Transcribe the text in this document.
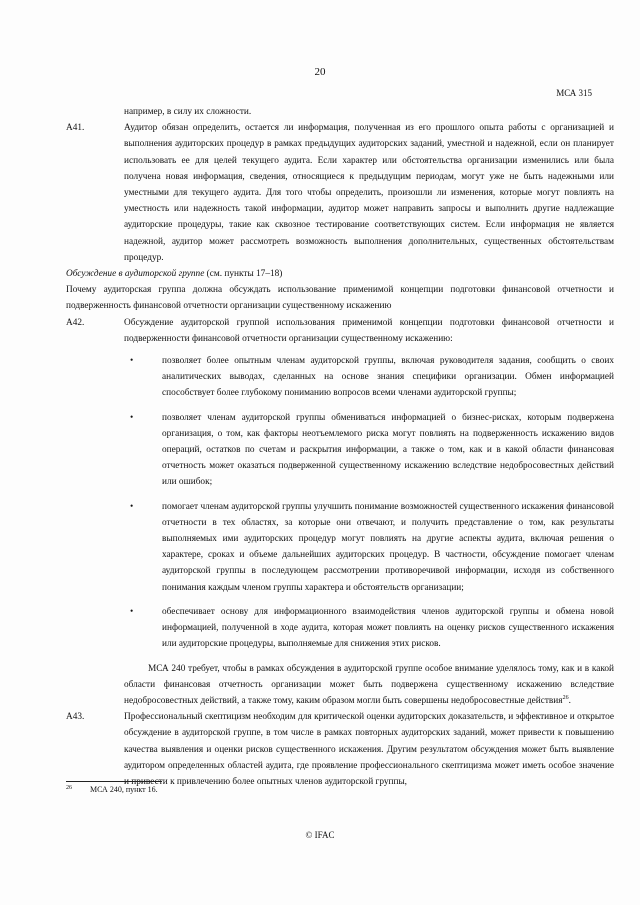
20
МСА 315

например, в силу их сложности.

A41.	Аудитор обязан определить, остается ли информация, полученная из его прошлого опыта работы с организацией и выполнения аудиторских процедур в рамках предыдущих аудиторских заданий, уместной и надежной, если он планирует использовать ее для целей текущего аудита. Если характер или обстоятельства организации изменились или была получена новая информация, сведения, относящиеся к предыдущим периодам, могут уже не быть надежными или уместными для текущего аудита. Для того чтобы определить, произошли ли изменения, которые могут повлиять на уместность или надежность такой информации, аудитор может направить запросы и выполнить другие надлежащие аудиторские процедуры, такие как сквозное тестирование соответствующих систем. Если информация не является надежной, аудитор может рассмотреть возможность выполнения дополнительных, существенных обстоятельствам процедур.

Обсуждение в аудиторской группе (см. пункты 17–18)

Почему аудиторская группа должна обсуждать использование применимой концепции подготовки финансовой отчетности и подверженность финансовой отчетности организации существенному искажению

A42.	Обсуждение аудиторской группой использования применимой концепции подготовки финансовой отчетности и подверженности финансовой отчетности организации существенному искажению:

•	позволяет более опытным членам аудиторской группы, включая руководителя задания, сообщить о своих аналитических выводах, сделанных на основе знания специфики организации. Обмен информацией способствует более глубокому пониманию вопросов всеми членами аудиторской группы;
•	позволяет членам аудиторской группы обмениваться информацией о бизнес-рисках, которым подвержена организация, о том, как факторы неотъемлемого риска могут повлиять на подверженность искажению видов операций, остатков по счетам и раскрытия информации, а также о том, как и в какой области финансовая отчетность может оказаться подверженной существенному искажению вследствие недобросовестных действий или ошибок;
•	помогает членам аудиторской группы улучшить понимание возможностей существенного искажения финансовой отчетности в тех областях, за которые они отвечают, и получить представление о том, как результаты выполняемых ими аудиторских процедур могут повлиять на другие аспекты аудита, включая решения о характере, сроках и объеме дальнейших аудиторских процедур. В частности, обсуждение помогает членам аудиторской группы в последующем рассмотрении противоречивой информации, исходя из собственного понимания каждым членом группы характера и обстоятельств организации;
•	обеспечивает основу для информационного взаимодействия членов аудиторской группы и обмена новой информацией, полученной в ходе аудита, которая может повлиять на оценку рисков существенного искажения или аудиторские процедуры, выполняемые для снижения этих рисков.

МСА 240 требует, чтобы в рамках обсуждения в аудиторской группе особое внимание уделялось тому, как и в какой области финансовая отчетность организации может быть подвержена существенному искажению вследствие недобросовестных действий, а также тому, каким образом могли быть совершены недобросовестные действия$^{26}$.

A43.	Профессиональный скептицизм необходим для критической оценки аудиторских доказательств, и эффективное и открытое обсуждение в аудиторской группе, в том числе в рамках повторных аудиторских заданий, может привести к повышению качества выявления и оценки рисков существенного искажения. Другим результатом обсуждения может быть выявление аудитором определенных областей аудита, где проявление профессионального скептицизма может иметь особое значение и привести к привлечению более опытных членов аудиторской группы,

26 МСА 240, пункт 16.
© IFAC
